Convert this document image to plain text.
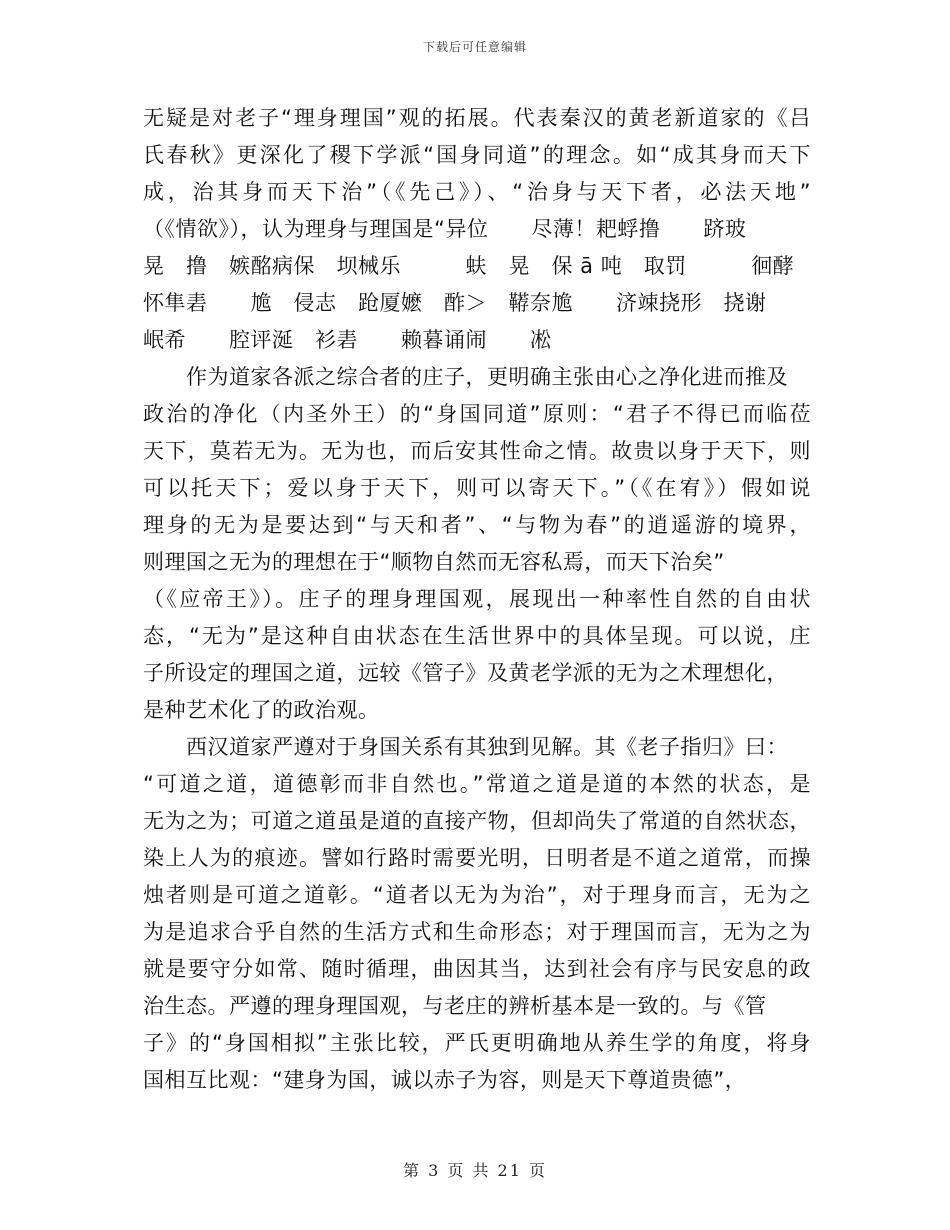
下载后可任意编辑
无疑是对老子“理身理国”观的拓展。代表秦汉的黄老新道家的《吕
氏春秋》更深化了稷下学派“国身同道”的理念。如“成其身而天下
成，治其身而天下治”（《先己》）、“治身与天下者，必法天地”
（《情欲》），认为理身与理国是“异位　　尽薄！耙蜉撸　　跻玻
晃　撸　嫉酩病保　坝械乐　　　蚨　晃　保 ā 吨　取罚　　　徊酵
怀隼砉　　尯　侵志　跄厦嬷　酢＞　鞯奈尯　　济竦挠形　挠谢
岷希　　腔评涎　衫砉　　赖暮诵闹　　凇
作为道家各派之综合者的庄子，更明确主张由心之净化进而推及
政治的净化（内圣外王）的“身国同道”原则：“君子不得已而临莅
天下，莫若无为。无为也，而后安其性命之情。故贵以身于天下，则
可以托天下；爱以身于天下，则可以寄天下。”（《在宥》）假如说
理身的无为是要达到“与天和者”、“与物为春”的逍遥游的境界，
则理国之无为的理想在于“顺物自然而无容私焉，而天下治矣”
（《应帝王》）。庄子的理身理国观，展现出一种率性自然的自由状
态，“无为”是这种自由状态在生活世界中的具体呈现。可以说，庄
子所设定的理国之道，远较《管子》及黄老学派的无为之术理想化，
是种艺术化了的政治观。
西汉道家严遵对于身国关系有其独到见解。其《老子指归》曰：
“可道之道，道德彰而非自然也。”常道之道是道的本然的状态，是
无为之为；可道之道虽是道的直接产物，但却尚失了常道的自然状态，
染上人为的痕迹。譬如行路时需要光明，日明者是不道之道常，而操
烛者则是可道之道彰。“道者以无为为治”，对于理身而言，无为之
为是追求合乎自然的生活方式和生命形态；对于理国而言，无为之为
就是要守分如常、随时循理，曲因其当，达到社会有序与民安息的政
治生态。严遵的理身理国观，与老庄的辨析基本是一致的。与《管
子》的“身国相拟”主张比较，严氏更明确地从养生学的角度，将身
国相互比观：“建身为国，诚以赤子为容，则是天下尊道贵德”，
第 3 页 共 21 页
